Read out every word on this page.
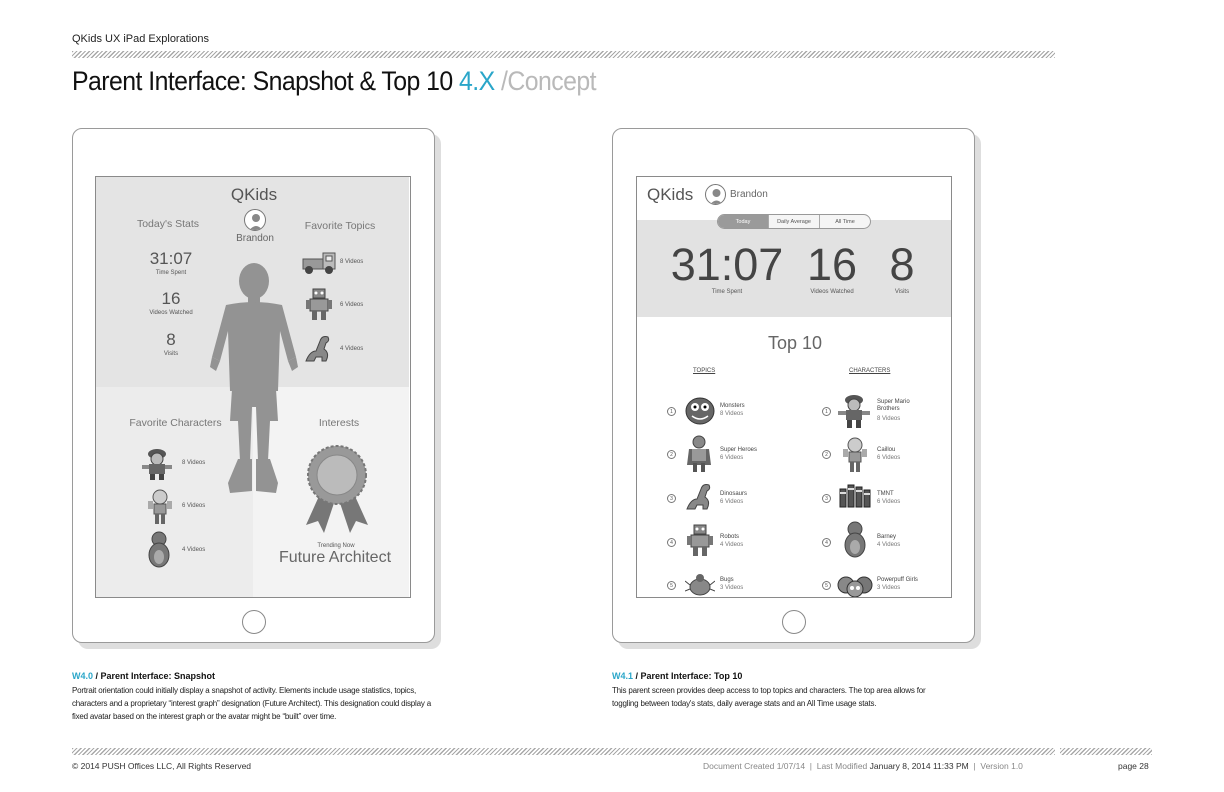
QKids UX iPad Explorations
Parent Interface: Snapshot & Top 10 4.X /Concept
QKids
Brandon
Today's Stats	Favorite Topics
31:07
Time Spent
16
Videos Watched
8
Visits
8 Videos
6 Videos
4 Videos
Favorite Characters
8 Videos
6 Videos
4 Videos
Interests
Trending Now
Future Architect
QKids	Brandon
Today	Daily Average	All Time
31:07
Time Spent
16
Videos Watched
8
Visits
Top 10
TOPICS	CHARACTERS
1
Monsters
8 Videos
2
Super Heroes
6 Videos
3
Dinosaurs
6 Videos
4
Robots
4 Videos
5
Bugs
3 Videos
1
Super Mario Brothers
8 Videos
2
Caillou
6 Videos
3
TMNT
6 Videos
4
Barney
4 Videos
5
Powerpuff Girls
3 Videos
W4.0 / Parent Interface: Snapshot
Portrait orientation could initially display a snapshot of activity. Elements include usage statistics, topics, characters and a proprietary “interest graph” designation (Future Architect). This designation could display a fixed avatar based on the interest graph or the avatar might be “built” over time.
W4.1 / Parent Interface: Top 10
This parent screen provides deep access to top topics and characters. The top area allows for toggling between today's stats, daily average stats and an All Time usage stats.
© 2014 PUSH Offices LLC, All Rights Reserved	Document Created 1/07/14  |  Last Modified January 8, 2014 11:33 PM  |  Version 1.0	page 28
